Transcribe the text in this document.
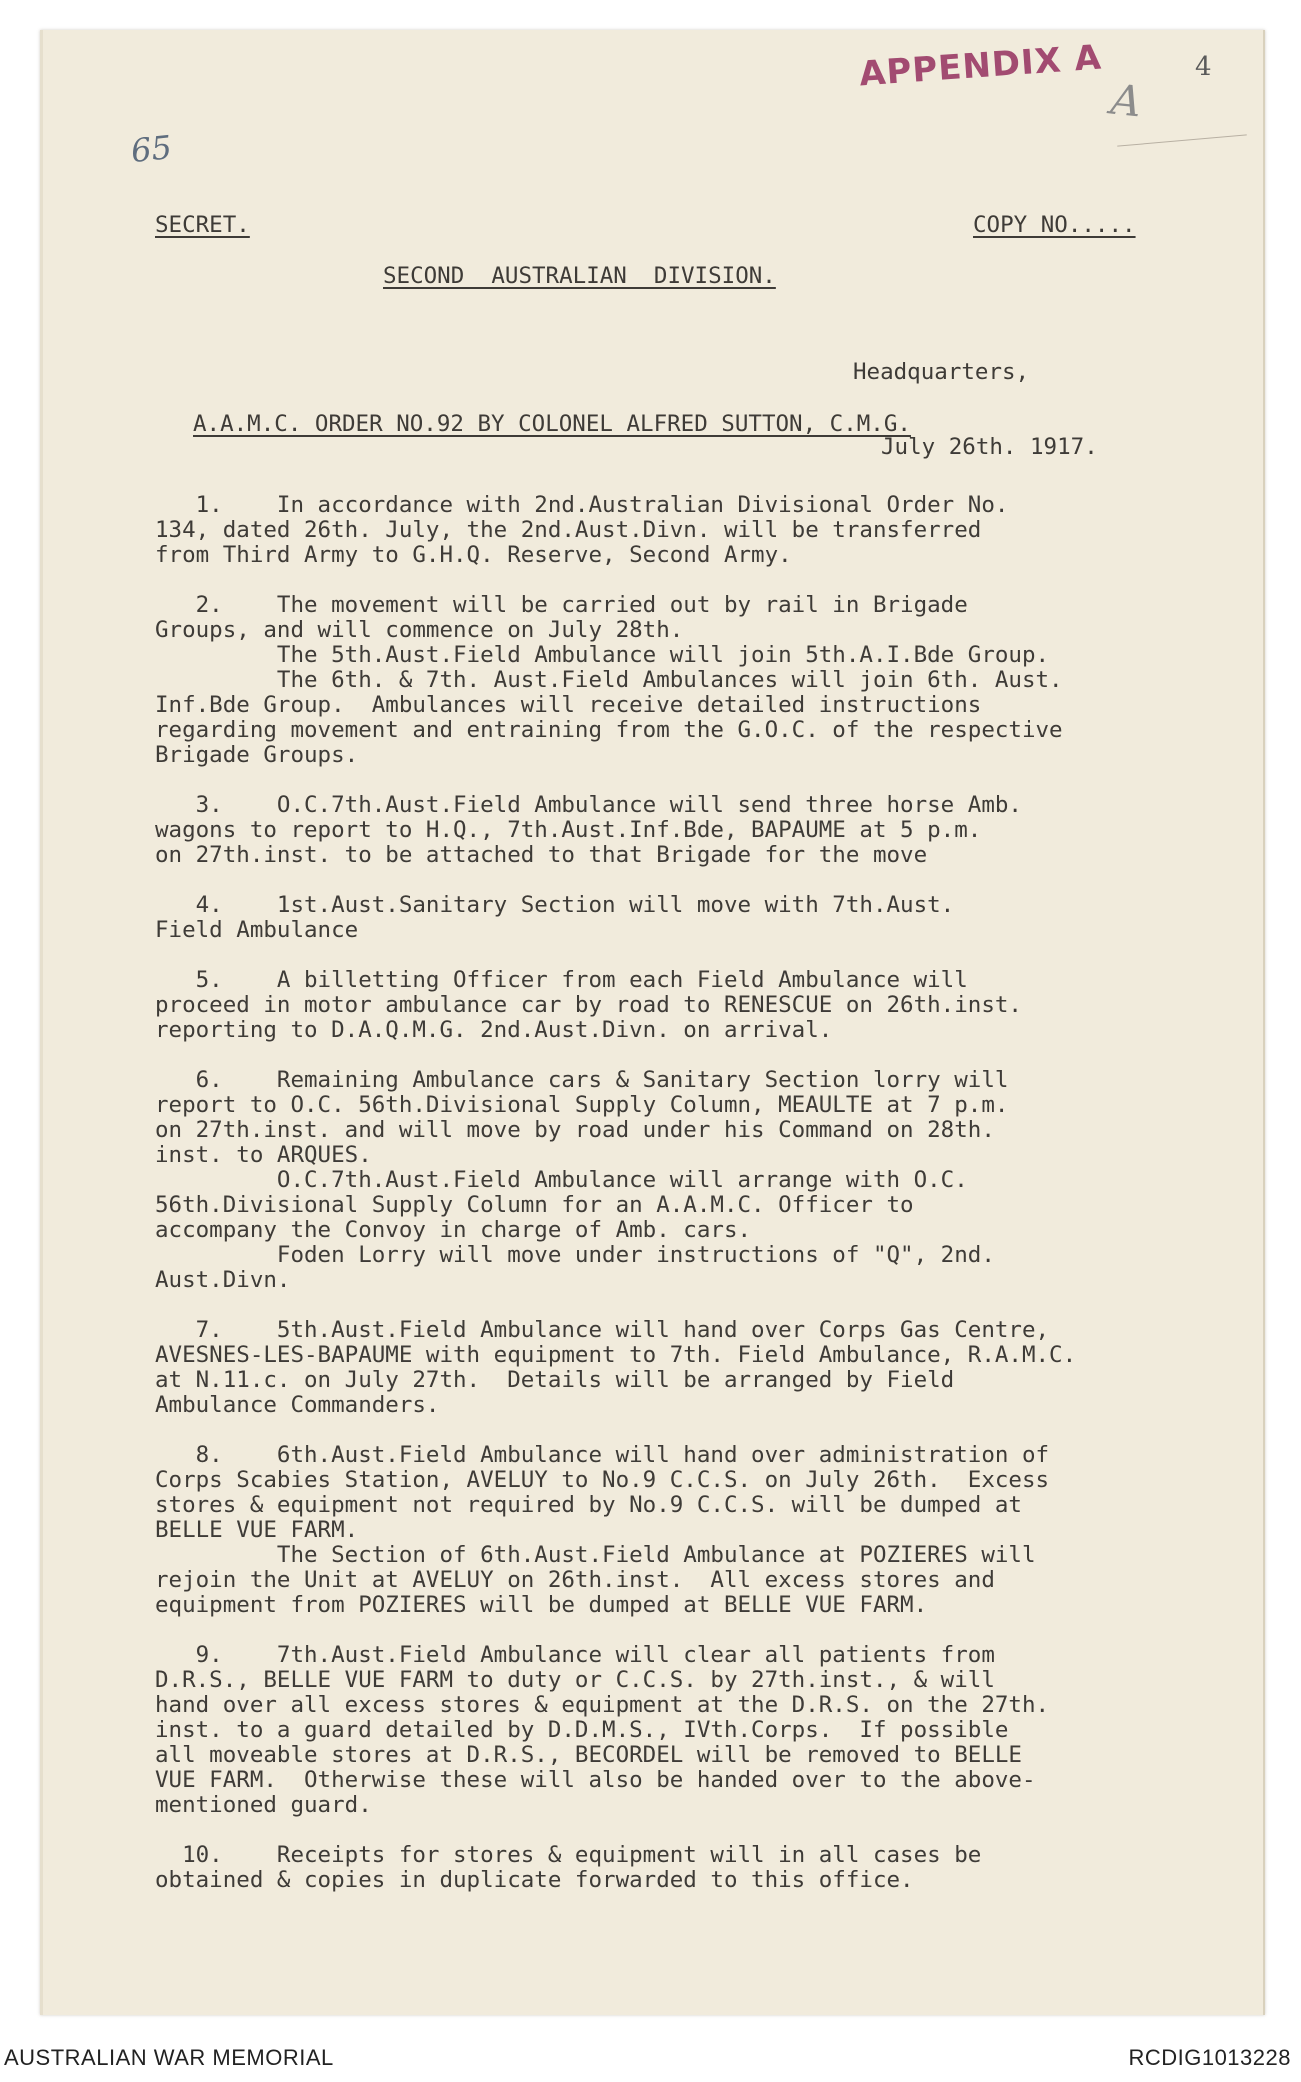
APPENDIX A
A
4
65
SECRET.	COPY NO.....
SECOND  AUSTRALIAN  DIVISION.

Headquarters,

July 26th. 1917.

A.A.M.C. ORDER NO.92 BY COLONEL ALFRED SUTTON, C.M.G.
1.    In accordance with 2nd.Australian Divisional Order No.
134, dated 26th. July, the 2nd.Aust.Divn. will be transferred
from Third Army to G.H.Q. Reserve, Second Army.

2.    The movement will be carried out by rail in Brigade
Groups, and will commence on July 28th.
The 5th.Aust.Field Ambulance will join 5th.A.I.Bde Group.
The 6th. & 7th. Aust.Field Ambulances will join 6th. Aust.
Inf.Bde Group.  Ambulances will receive detailed instructions
regarding movement and entraining from the G.O.C. of the respective
Brigade Groups.

3.    O.C.7th.Aust.Field Ambulance will send three horse Amb.
wagons to report to H.Q., 7th.Aust.Inf.Bde, BAPAUME at 5 p.m.
on 27th.inst. to be attached to that Brigade for the move

4.    1st.Aust.Sanitary Section will move with 7th.Aust.
Field Ambulance

5.    A billetting Officer from each Field Ambulance will
proceed in motor ambulance car by road to RENESCUE on 26th.inst.
reporting to D.A.Q.M.G. 2nd.Aust.Divn. on arrival.

6.    Remaining Ambulance cars & Sanitary Section lorry will
report to O.C. 56th.Divisional Supply Column, MEAULTE at 7 p.m.
on 27th.inst. and will move by road under his Command on 28th.
inst. to ARQUES.
O.C.7th.Aust.Field Ambulance will arrange with O.C.
56th.Divisional Supply Column for an A.A.M.C. Officer to
accompany the Convoy in charge of Amb. cars.
Foden Lorry will move under instructions of "Q", 2nd.
Aust.Divn.

7.    5th.Aust.Field Ambulance will hand over Corps Gas Centre,
AVESNES-LES-BAPAUME with equipment to 7th. Field Ambulance, R.A.M.C.
at N.11.c. on July 27th.  Details will be arranged by Field
Ambulance Commanders.

8.    6th.Aust.Field Ambulance will hand over administration of
Corps Scabies Station, AVELUY to No.9 C.C.S. on July 26th.  Excess
stores & equipment not required by No.9 C.C.S. will be dumped at
BELLE VUE FARM.
The Section of 6th.Aust.Field Ambulance at POZIERES will
rejoin the Unit at AVELUY on 26th.inst.  All excess stores and
equipment from POZIERES will be dumped at BELLE VUE FARM.

9.    7th.Aust.Field Ambulance will clear all patients from
D.R.S., BELLE VUE FARM to duty or C.C.S. by 27th.inst., & will
hand over all excess stores & equipment at the D.R.S. on the 27th.
inst. to a guard detailed by D.D.M.S., IVth.Corps.  If possible
all moveable stores at D.R.S., BECORDEL will be removed to BELLE
VUE FARM.  Otherwise these will also be handed over to the above-
mentioned guard.

10.    Receipts for stores & equipment will in all cases be
obtained & copies in duplicate forwarded to this office.
AUSTRALIAN WAR MEMORIAL	RCDIG1013228
